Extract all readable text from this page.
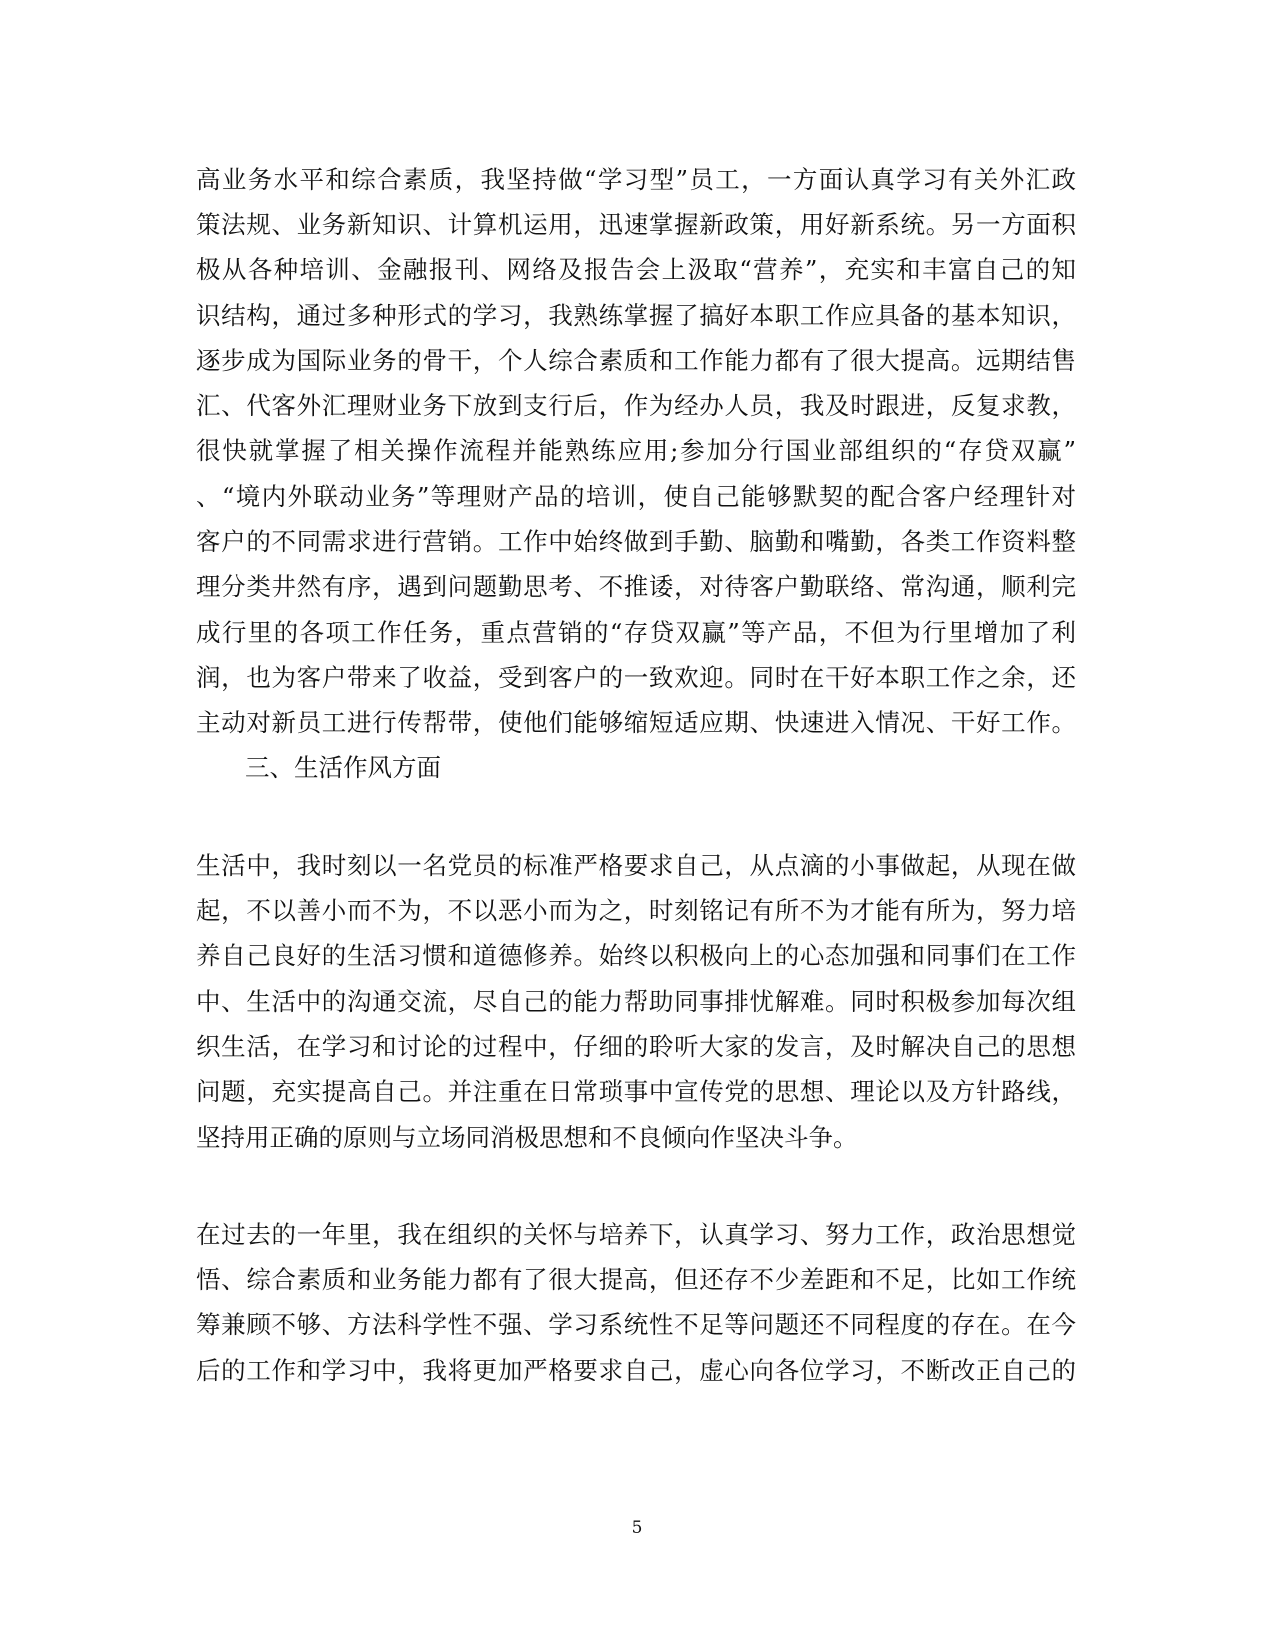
高业务水平和综合素质，我坚持做“学习型”员工，一方面认真学习有关外汇政
策法规、业务新知识、计算机运用，迅速掌握新政策，用好新系统。另一方面积
极从各种培训、金融报刊、网络及报告会上汲取“营养”，充实和丰富自己的知
识结构，通过多种形式的学习，我熟练掌握了搞好本职工作应具备的基本知识，
逐步成为国际业务的骨干，个人综合素质和工作能力都有了很大提高。远期结售
汇、代客外汇理财业务下放到支行后，作为经办人员，我及时跟进，反复求教，
很快就掌握了相关操作流程并能熟练应用;参加分行国业部组织的“存贷双赢”
、“境内外联动业务”等理财产品的培训，使自己能够默契的配合客户经理针对
客户的不同需求进行营销。工作中始终做到手勤、脑勤和嘴勤，各类工作资料整
理分类井然有序，遇到问题勤思考、不推诿，对待客户勤联络、常沟通，顺利完
成行里的各项工作任务，重点营销的“存贷双赢”等产品，不但为行里增加了利
润，也为客户带来了收益，受到客户的一致欢迎。同时在干好本职工作之余，还
主动对新员工进行传帮带，使他们能够缩短适应期、快速进入情况、干好工作。
三、生活作风方面
生活中，我时刻以一名党员的标准严格要求自己，从点滴的小事做起，从现在做
起，不以善小而不为，不以恶小而为之，时刻铭记有所不为才能有所为，努力培
养自己良好的生活习惯和道德修养。始终以积极向上的心态加强和同事们在工作
中、生活中的沟通交流，尽自己的能力帮助同事排忧解难。同时积极参加每次组
织生活，在学习和讨论的过程中，仔细的聆听大家的发言，及时解决自己的思想
问题，充实提高自己。并注重在日常琐事中宣传党的思想、理论以及方针路线，
坚持用正确的原则与立场同消极思想和不良倾向作坚决斗争。
在过去的一年里，我在组织的关怀与培养下，认真学习、努力工作，政治思想觉
悟、综合素质和业务能力都有了很大提高，但还存不少差距和不足，比如工作统
筹兼顾不够、方法科学性不强、学习系统性不足等问题还不同程度的存在。在今
后的工作和学习中，我将更加严格要求自己，虚心向各位学习，不断改正自己的
5
